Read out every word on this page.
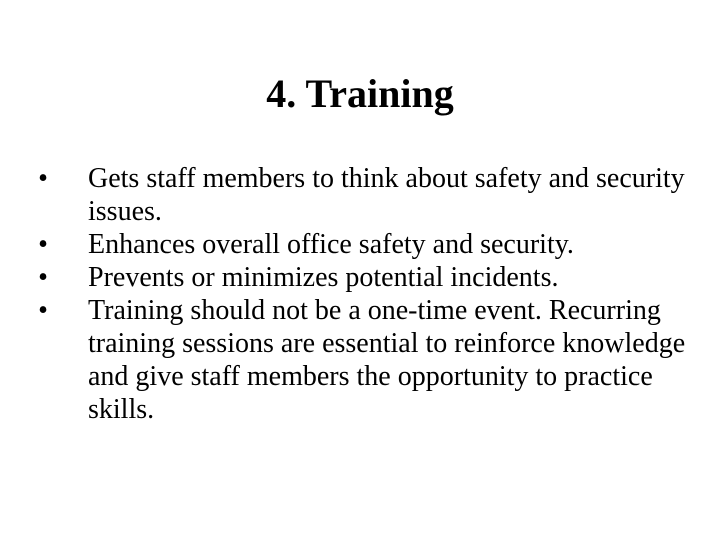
4. Training
•	Gets staff members to think about safety and security issues.
•	Enhances overall office safety and security.
•	Prevents or minimizes potential incidents.
•	Training should not be a one-time event. Recurring training sessions are essential to reinforce knowledge and give staff members the opportunity to practice skills.
